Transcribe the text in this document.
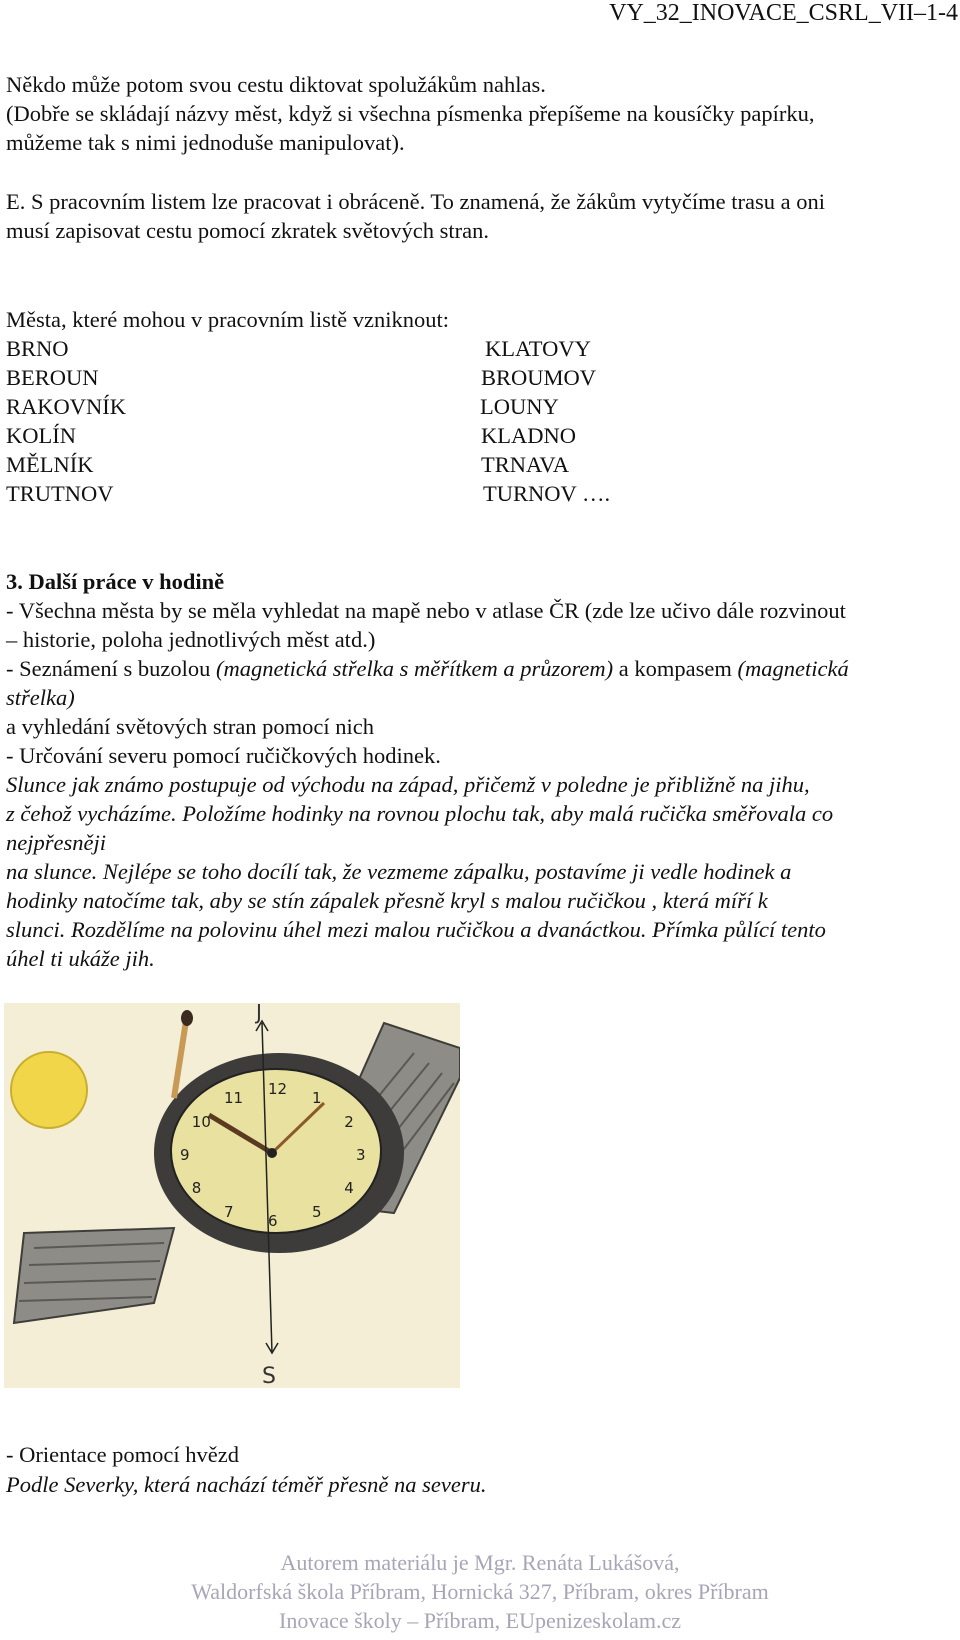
VY_32_INOVACE_CSRL_VII–1-4
Někdo může potom svou cestu diktovat spolužákům nahlas.
(Dobře se skládají názvy měst, když si všechna písmenka přepíšeme na kousíčky papírku,
můžeme tak s nimi jednoduše manipulovat).
E. S pracovním listem lze pracovat i obráceně. To znamená, že žákům vytyčíme trasu a oni
musí zapisovat cestu pomocí zkratek světových stran.
Města, které mohou v pracovním listě vzniknout:
BRNO
BEROUN
RAKOVNÍK
KOLÍN
MĚLNÍK
TRUTNOV
KLATOVY
BROUMOV
LOUNY
KLADNO
TRNAVA
TURNOV ….
3. Další práce v hodině
- Všechna města by se měla vyhledat na mapě nebo v atlase ČR (zde lze učivo dále rozvinout
– historie, poloha jednotlivých měst atd.)
- Seznámení s buzolou (magnetická střelka s měřítkem a průzorem) a kompasem (magnetická
střelka)
a vyhledání světových stran pomocí nich
- Určování severu pomocí ručičkových hodinek.
Slunce jak známo postupuje od východu na západ, přičemž v poledne je přibližně na jihu,
z čehož vycházíme. Položíme hodinky na rovnou plochu tak, aby malá ručička směřovala co
nejpřesněji
na slunce. Nejlépe se toho docílí tak, že vezmeme zápalku, postavíme ji vedle hodinek a
hodinky natočíme tak, aby se stín zápalek přesně kryl s malou ručičkou , která míří k
slunci. Rozdělíme na polovinu úhel mezi malou ručičkou a dvanáctkou. Přímka půlící tento
úhel ti ukáže jih.
J
S
12 1
2
3
4
5
6
7
8
9
10
11
- Orientace pomocí hvězd
Podle Severky, která nachází téměř přesně na severu.
Autorem materiálu je Mgr. Renáta Lukášová,
Waldorfská škola Příbram, Hornická 327, Příbram, okres Příbram
Inovace školy – Příbram, EUpenizeskolam.cz
